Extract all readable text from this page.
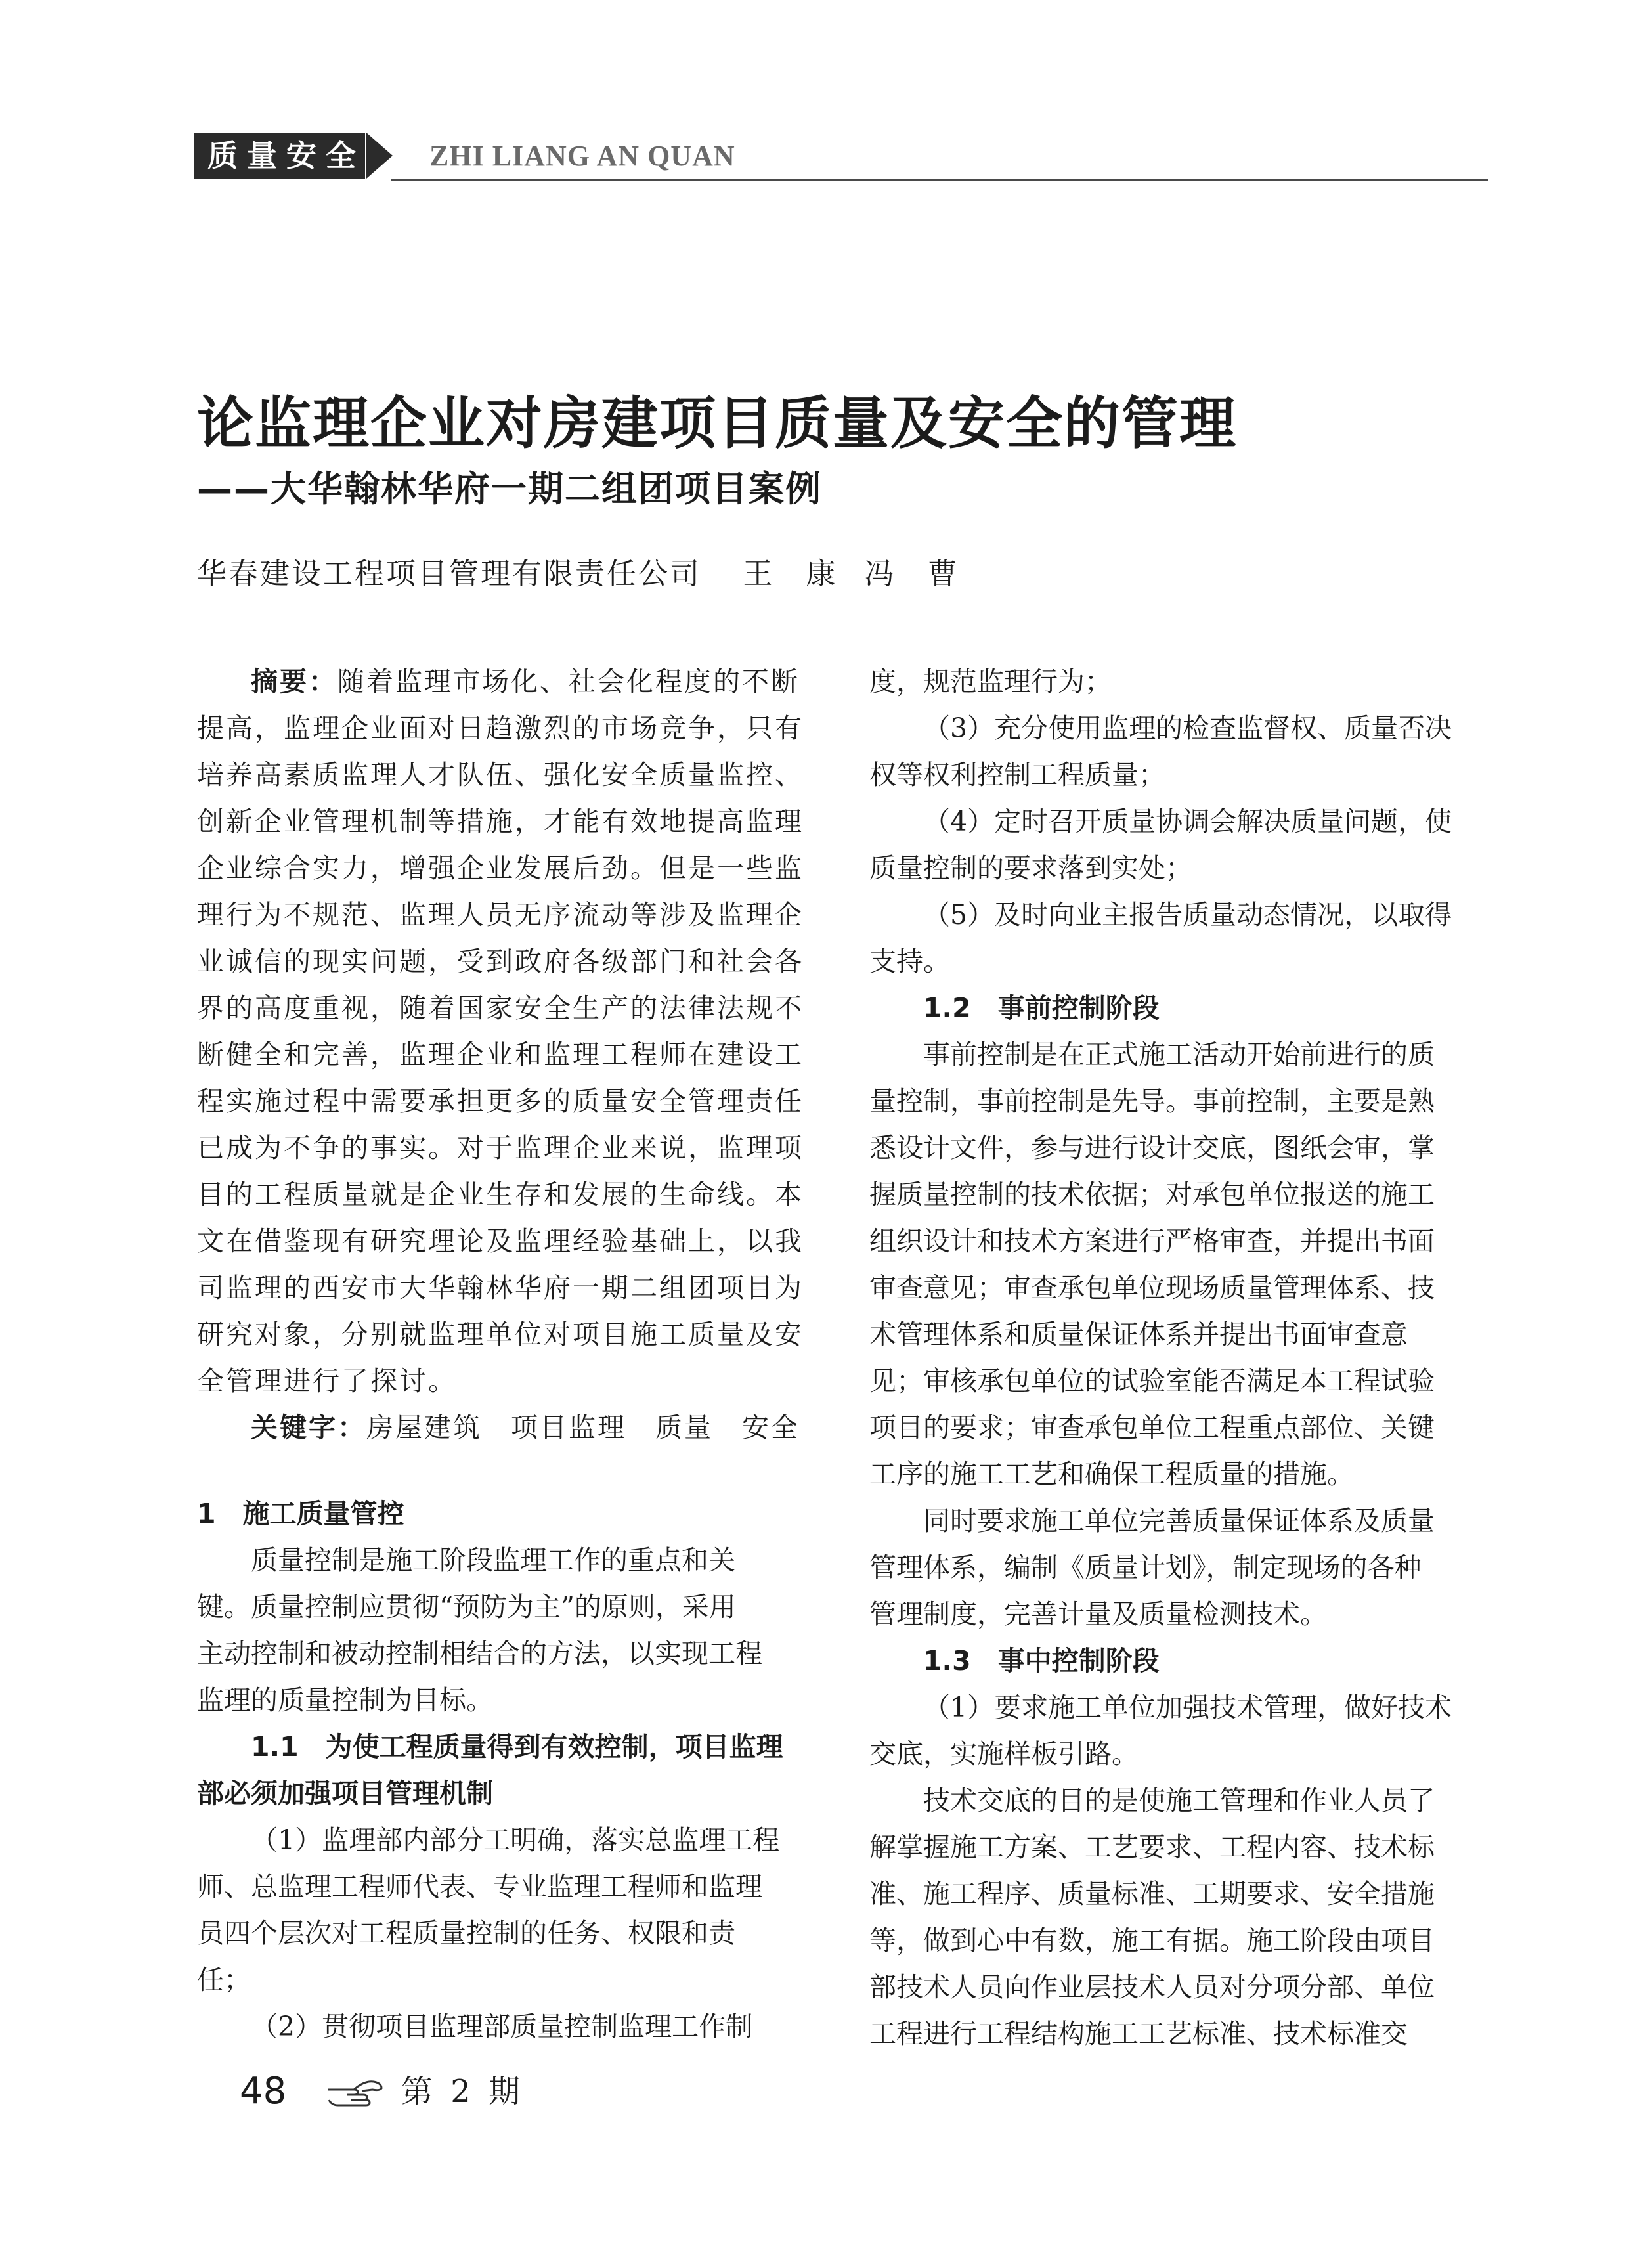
质量安全 ZHI LIANG AN QUAN
论监理企业对房建项目质量及安全的管理
——大华翰林华府一期二组团项目案例
华春建设工程项目管理有限责任公司 王　康 冯　曹
摘要：随着监理市场化、社会化程度的不断
提高，监理企业面对日趋激烈的市场竞争，只有
培养高素质监理人才队伍、强化安全质量监控、
创新企业管理机制等措施，才能有效地提高监理
企业综合实力，增强企业发展后劲。但是一些监
理行为不规范、监理人员无序流动等涉及监理企
业诚信的现实问题，受到政府各级部门和社会各
界的高度重视，随着国家安全生产的法律法规不
断健全和完善，监理企业和监理工程师在建设工
程实施过程中需要承担更多的质量安全管理责任
已成为不争的事实。对于监理企业来说，监理项
目的工程质量就是企业生存和发展的生命线。本
文在借鉴现有研究理论及监理经验基础上，以我
司监理的西安市大华翰林华府一期二组团项目为
研究对象，分别就监理单位对项目施工质量及安
全管理进行了探讨。
关键字：房屋建筑　项目监理　质量　安全
1　施工质量管控
质量控制是施工阶段监理工作的重点和关
键。质量控制应贯彻“预防为主”的原则，采用
主动控制和被动控制相结合的方法，以实现工程
监理的质量控制为目标。
1.1　为使工程质量得到有效控制，项目监理
部必须加强项目管理机制
（1）监理部内部分工明确，落实总监理工程
师、总监理工程师代表、专业监理工程师和监理
员四个层次对工程质量控制的任务、权限和责
任；
（2）贯彻项目监理部质量控制监理工作制
度，规范监理行为；
（3）充分使用监理的检查监督权、质量否决
权等权利控制工程质量；
（4）定时召开质量协调会解决质量问题，使
质量控制的要求落到实处；
（5）及时向业主报告质量动态情况，以取得
支持。
1.2　事前控制阶段
事前控制是在正式施工活动开始前进行的质
量控制，事前控制是先导。事前控制，主要是熟
悉设计文件，参与进行设计交底，图纸会审，掌
握质量控制的技术依据；对承包单位报送的施工
组织设计和技术方案进行严格审查，并提出书面
审查意见；审查承包单位现场质量管理体系、技
术管理体系和质量保证体系并提出书面审查意
见；审核承包单位的试验室能否满足本工程试验
项目的要求；审查承包单位工程重点部位、关键
工序的施工工艺和确保工程质量的措施。
同时要求施工单位完善质量保证体系及质量
管理体系，编制《质量计划》，制定现场的各种
管理制度，完善计量及质量检测技术。
1.3　事中控制阶段
（1）要求施工单位加强技术管理，做好技术
交底，实施样板引路。
技术交底的目的是使施工管理和作业人员了
解掌握施工方案、工艺要求、工程内容、技术标
准、施工程序、质量标准、工期要求、安全措施
等，做到心中有数，施工有据。施工阶段由项目
部技术人员向作业层技术人员对分项分部、单位
工程进行工程结构施工工艺标准、技术标准交
48	第 2 期
